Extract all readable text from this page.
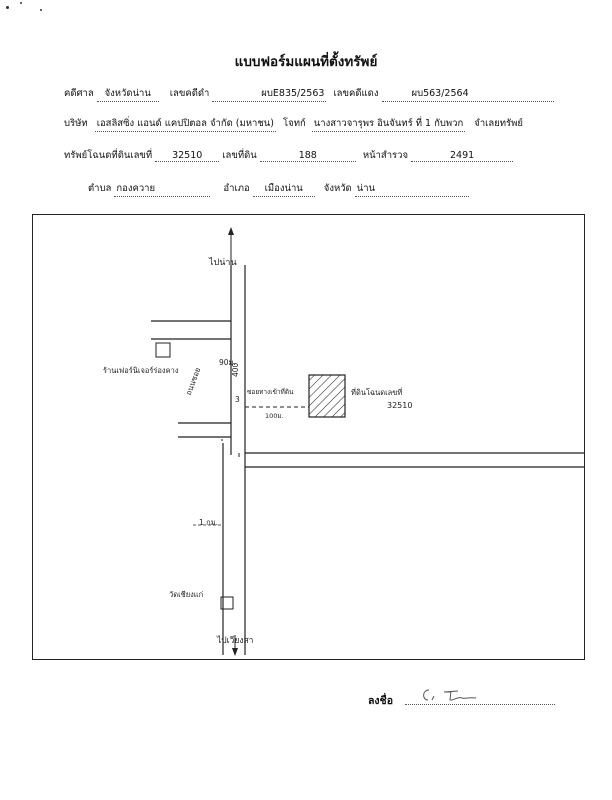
แบบฟอร์มแผนที่ตั้งทรัพย์
คดีศาล จังหวัดน่าน เลขคดีดำ	ผบE835/2563 เลขคดีแดง	ผบ563/2564
บริษัท เอสลิสซิ่ง แอนด์ แคปปิตอล จำกัด (มหาชน) โจทก์ นางสาวจารุพร อินจันทร์ ที่ 1 กับพวก จำเลยทรัพย์
ทรัพย์โฉนดที่ดินเลขที่ 32510 เลขที่ดิน	188	หน้าสำรวจ	2491
ตำบล กองควาย	อำเภอ เมืองน่าน จังหวัด น่าน
ไปน่าน
ร้านเฟอร์นิเจอร์ร่องคาง ถนนซอย	400
90ม.
3
ซอยทางเข้าที่ดิน
100ม.
ที่ดินโฉนดเลขที่
32510
1 กม.
วัดเชียงแก่
ไปเวียงสา
ลงชื่อ
